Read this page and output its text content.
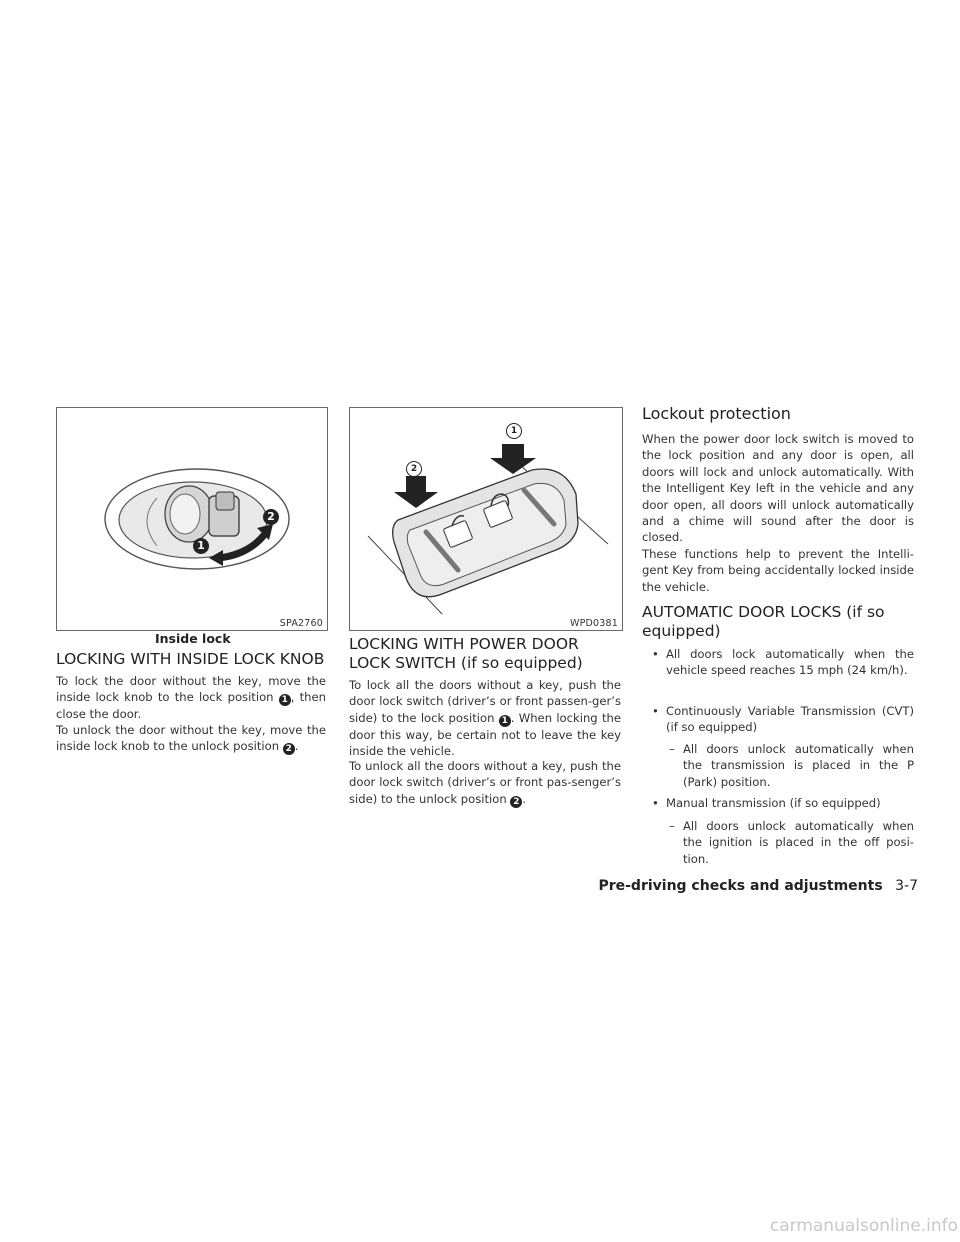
1
2
SPA2760
Inside lock
LOCKING WITH INSIDE LOCK KNOB

To lock the door without the key, move the inside lock knob to the lock position 1 , then close the door.

To unlock the door without the key, move the inside lock knob to the unlock position 2 .

1
2
WPD0381
LOCKING WITH POWER DOOR
LOCK SWITCH (if so equipped)

To lock all the doors without a key, push the door lock switch (driver’s or front passen-ger’s side) to the lock position 1 . When locking the door this way, be certain not to leave the key inside the vehicle.

To unlock all the doors without a key, push the door lock switch (driver’s or front pas-senger’s side) to the unlock position 2 .

Lockout protection

When the power door lock switch is moved to the lock position and any door is open, all doors will lock and unlock automatically. With the Intelligent Key left in the vehicle and any door open, all doors will unlock automatically and a chime will sound after the door is closed.

These functions help to prevent the Intelli-gent Key from being accidentally locked inside the vehicle.

AUTOMATIC DOOR LOCKS (if so
equipped)
• All doors lock automatically when the vehicle speed reaches 15 mph (24 km/h).
• Continuously Variable Transmission (CVT) (if so equipped)
– All doors unlock automatically when the transmission is placed in the P (Park) position.
• Manual transmission (if so equipped)
– All doors unlock automatically when the ignition is placed in the off posi-tion.
Pre-driving checks and adjustments 3-7
carmanualsonline.info
